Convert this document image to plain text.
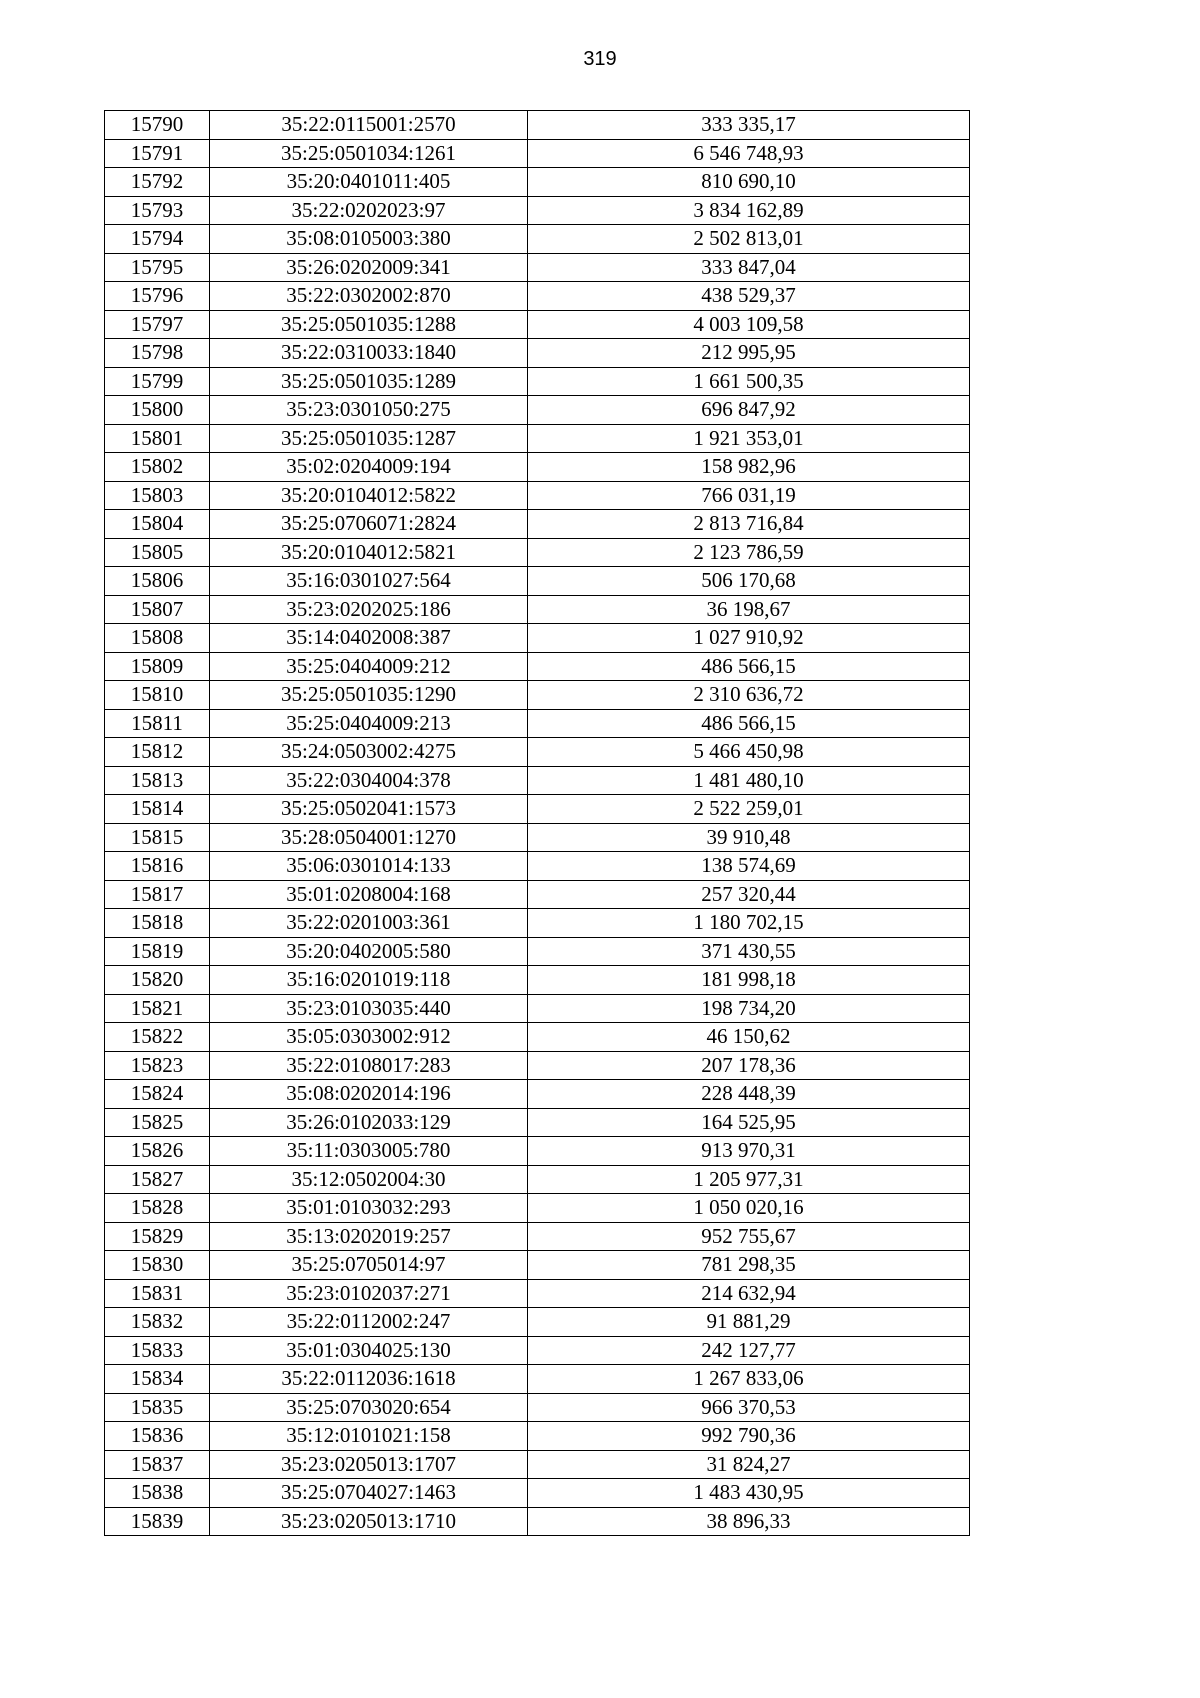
319
15790	35:22:0115001:2570	333 335,17
15791	35:25:0501034:1261	6 546 748,93
15792	35:20:0401011:405	810 690,10
15793	35:22:0202023:97	3 834 162,89
15794	35:08:0105003:380	2 502 813,01
15795	35:26:0202009:341	333 847,04
15796	35:22:0302002:870	438 529,37
15797	35:25:0501035:1288	4 003 109,58
15798	35:22:0310033:1840	212 995,95
15799	35:25:0501035:1289	1 661 500,35
15800	35:23:0301050:275	696 847,92
15801	35:25:0501035:1287	1 921 353,01
15802	35:02:0204009:194	158 982,96
15803	35:20:0104012:5822	766 031,19
15804	35:25:0706071:2824	2 813 716,84
15805	35:20:0104012:5821	2 123 786,59
15806	35:16:0301027:564	506 170,68
15807	35:23:0202025:186	36 198,67
15808	35:14:0402008:387	1 027 910,92
15809	35:25:0404009:212	486 566,15
15810	35:25:0501035:1290	2 310 636,72
15811	35:25:0404009:213	486 566,15
15812	35:24:0503002:4275	5 466 450,98
15813	35:22:0304004:378	1 481 480,10
15814	35:25:0502041:1573	2 522 259,01
15815	35:28:0504001:1270	39 910,48
15816	35:06:0301014:133	138 574,69
15817	35:01:0208004:168	257 320,44
15818	35:22:0201003:361	1 180 702,15
15819	35:20:0402005:580	371 430,55
15820	35:16:0201019:118	181 998,18
15821	35:23:0103035:440	198 734,20
15822	35:05:0303002:912	46 150,62
15823	35:22:0108017:283	207 178,36
15824	35:08:0202014:196	228 448,39
15825	35:26:0102033:129	164 525,95
15826	35:11:0303005:780	913 970,31
15827	35:12:0502004:30	1 205 977,31
15828	35:01:0103032:293	1 050 020,16
15829	35:13:0202019:257	952 755,67
15830	35:25:0705014:97	781 298,35
15831	35:23:0102037:271	214 632,94
15832	35:22:0112002:247	91 881,29
15833	35:01:0304025:130	242 127,77
15834	35:22:0112036:1618	1 267 833,06
15835	35:25:0703020:654	966 370,53
15836	35:12:0101021:158	992 790,36
15837	35:23:0205013:1707	31 824,27
15838	35:25:0704027:1463	1 483 430,95
15839	35:23:0205013:1710	38 896,33
